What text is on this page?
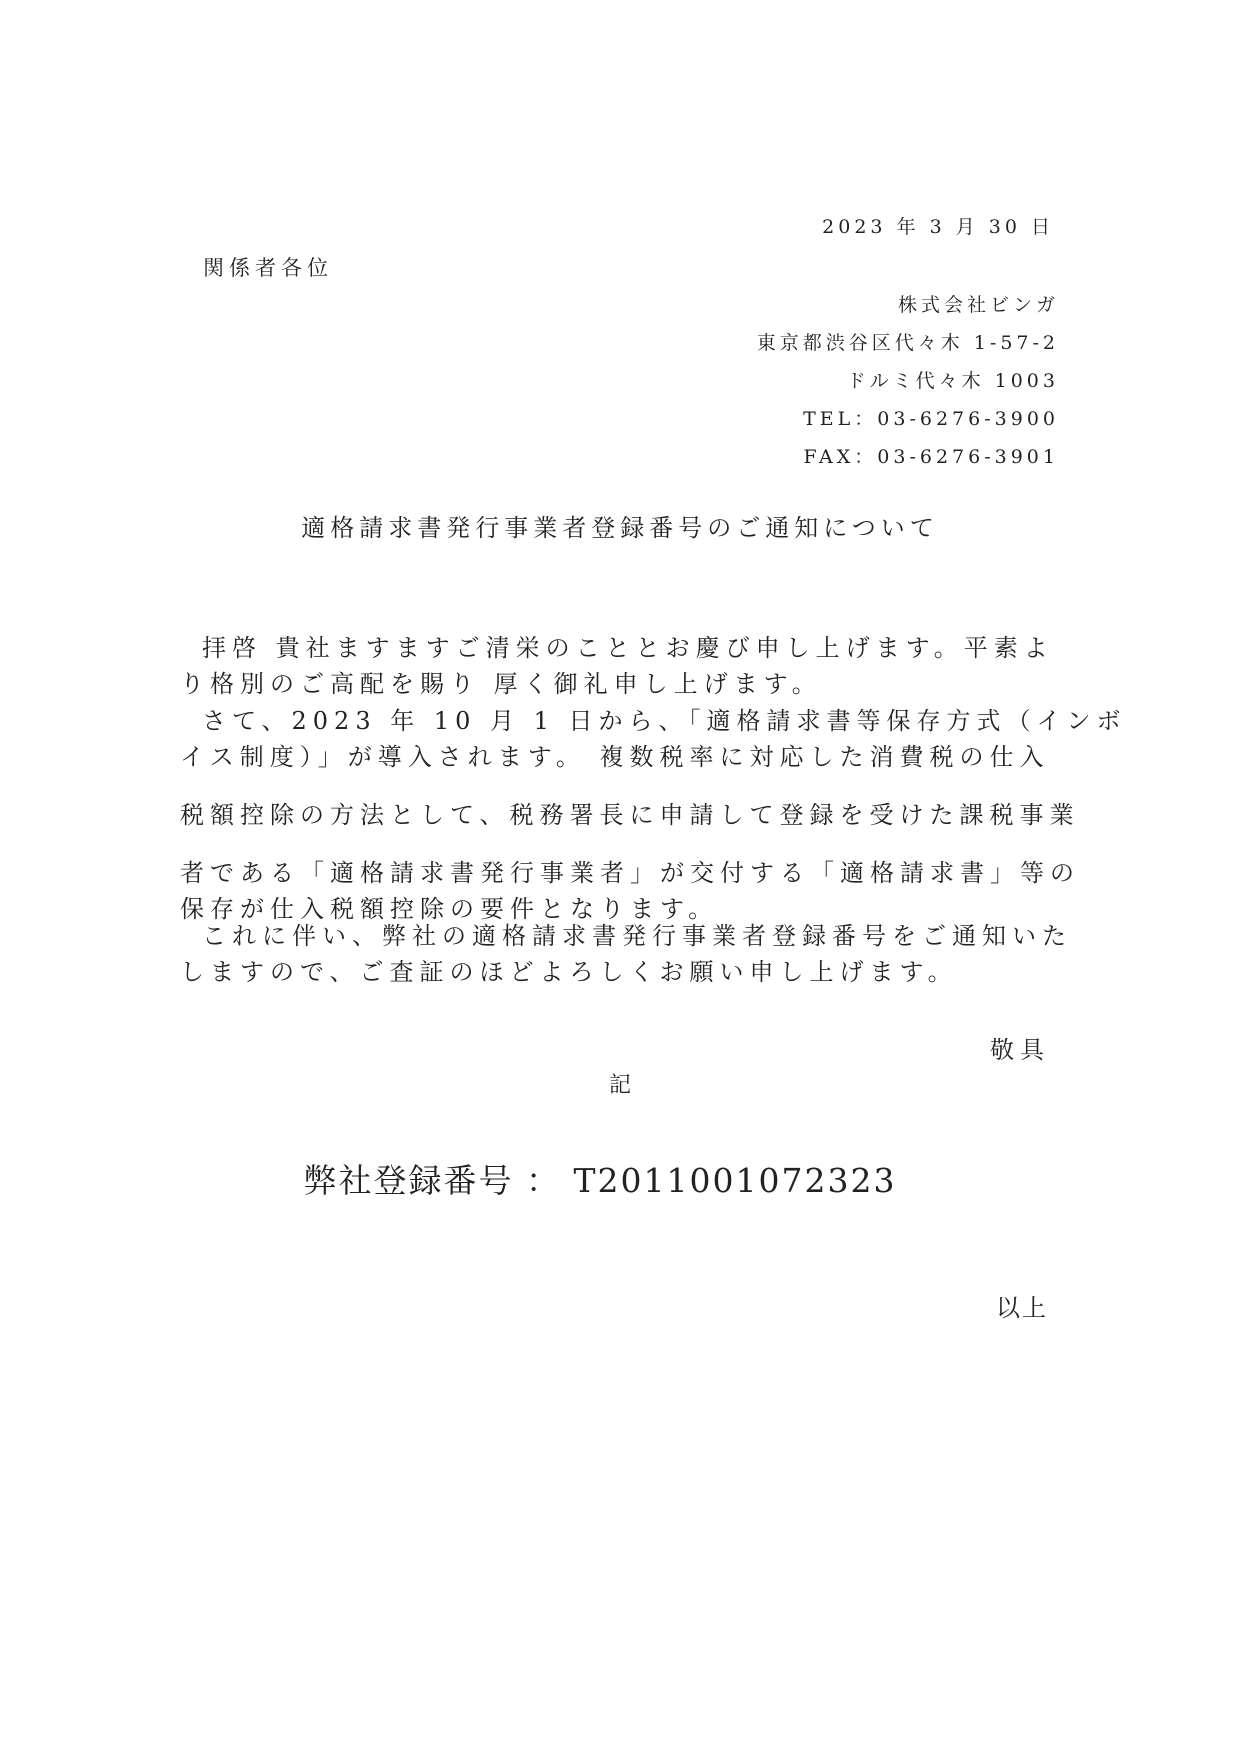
2023 年 3 月 30 日
関係者各位
株式会社ビンガ
東京都渋谷区代々木 1-57-2
ドルミ代々木 1003
TEL：03-6276-3900
FAX：03-6276-3901
適格請求書発行事業者登録番号のご通知について
拝啓 貴社ますますご清栄のこととお慶び申し上げます。平素よ
り格別のご高配を賜り 厚く御礼申し上げます。
さて、2023 年 10 月 1 日から、「適格請求書等保存方式（インボ
イス制度）」が導入されます。 複数税率に対応した消費税の仕入
税額控除の方法として、税務署長に申請して登録を受けた課税事業
者である「適格請求書発行事業者」が交付する「適格請求書」等の
保存が仕入税額控除の要件となります。
これに伴い、弊社の適格請求書発行事業者登録番号をご通知いた
しますので、ご査証のほどよろしくお願い申し上げます。
敬具
記
弊社登録番号 ： T2011001072323
以上
